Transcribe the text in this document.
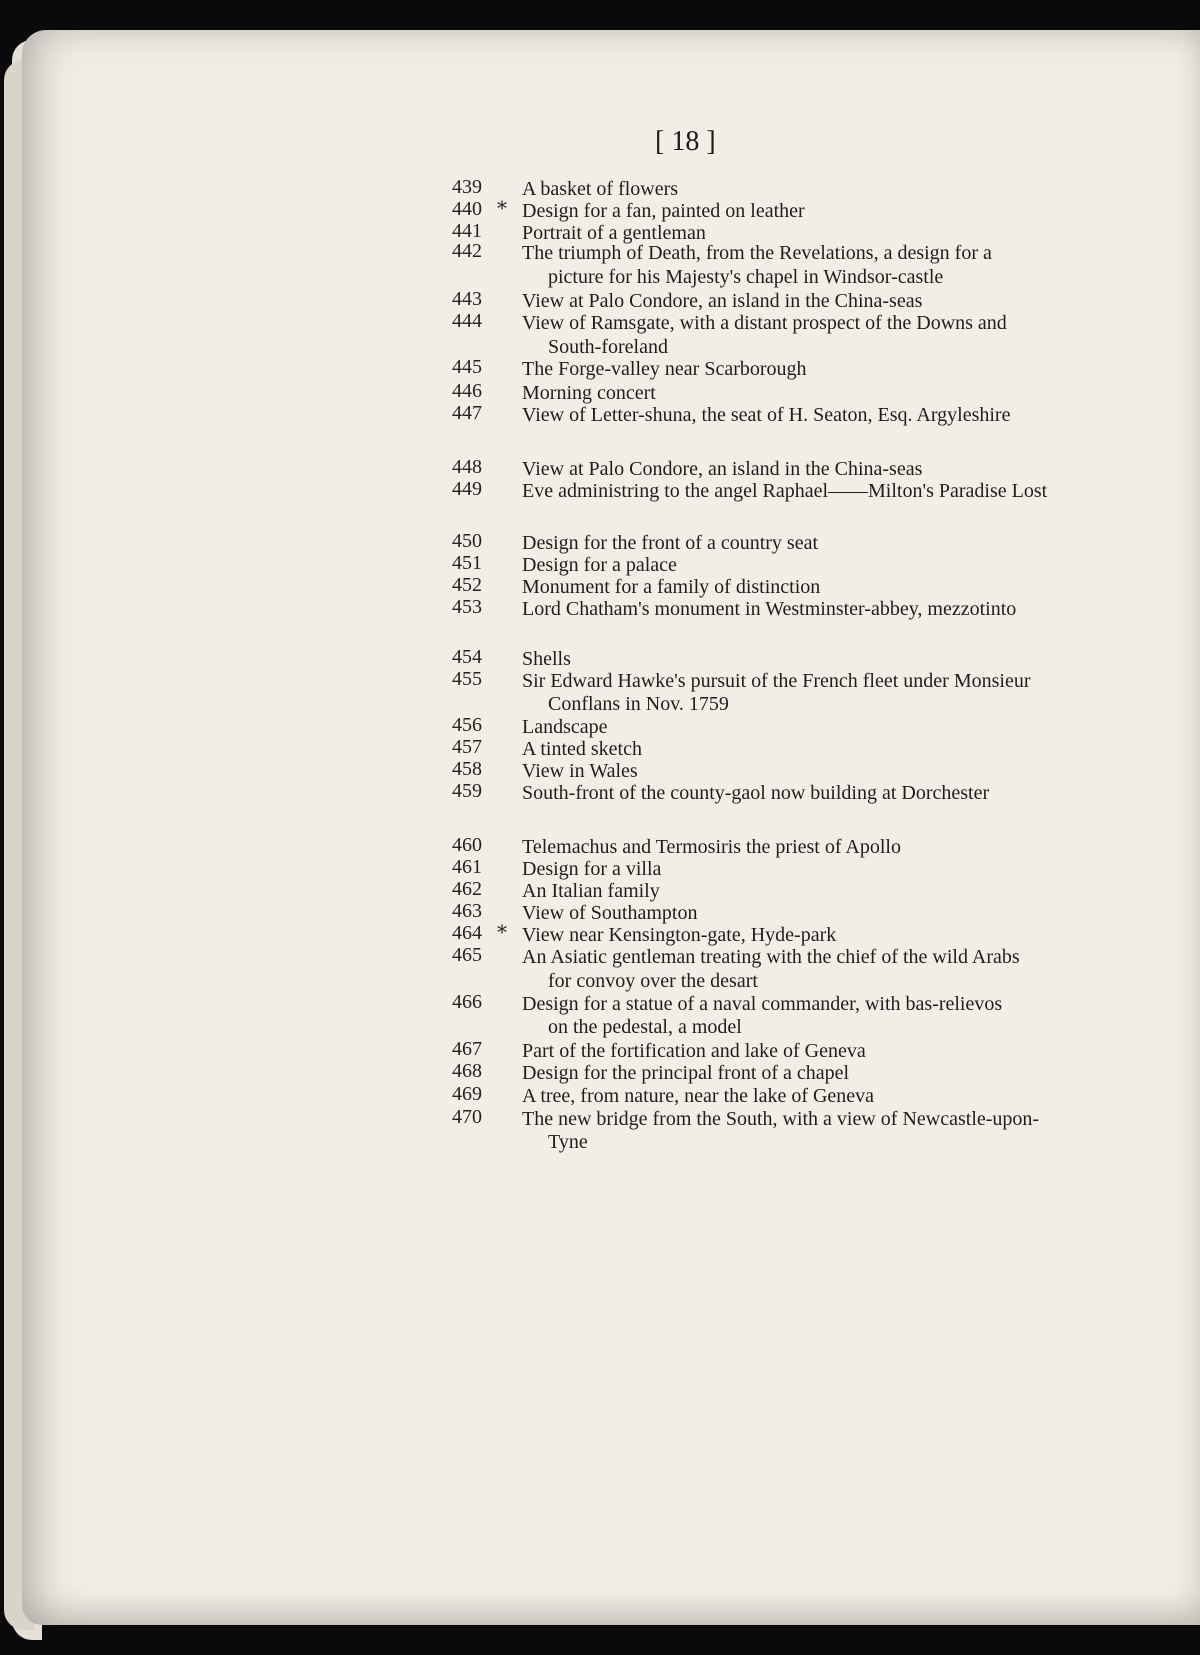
[ 18 ]
439	A basket of flowers
440 * Design for a fan, painted on leather
441	Portrait of a gentleman
442	The triumph of Death, from the Revelations, a design for a
picture for his Majesty's chapel in Windsor-castle
443	View at Palo Condore, an island in the China-seas
444	View of Ramsgate, with a distant prospect of the Downs and
South-foreland
445	The Forge-valley near Scarborough
446	Morning concert
447	View of Letter-shuna, the seat of H. Seaton, Esq. Argyleshire
448	View at Palo Condore, an island in the China-seas
449	Eve administring to the angel Raphael——Milton's Paradise Lost
450	Design for the front of a country seat
451	Design for a palace
452	Monument for a family of distinction
453	Lord Chatham's monument in Westminster-abbey, mezzotinto
454	Shells
455	Sir Edward Hawke's pursuit of the French fleet under Monsieur
Conflans in Nov. 1759
456	Landscape
457	A tinted sketch
458	View in Wales
459	South-front of the county-gaol now building at Dorchester
460	Telemachus and Termosiris the priest of Apollo
461	Design for a villa
462	An Italian family
463	View of Southampton
464 * View near Kensington-gate, Hyde-park
465	An Asiatic gentleman treating with the chief of the wild Arabs
for convoy over the desart
466	Design for a statue of a naval commander, with bas-relievos
on the pedestal, a model
467	Part of the fortification and lake of Geneva
468	Design for the principal front of a chapel
469	A tree, from nature, near the lake of Geneva
470	The new bridge from the South, with a view of Newcastle-upon-
Tyne
